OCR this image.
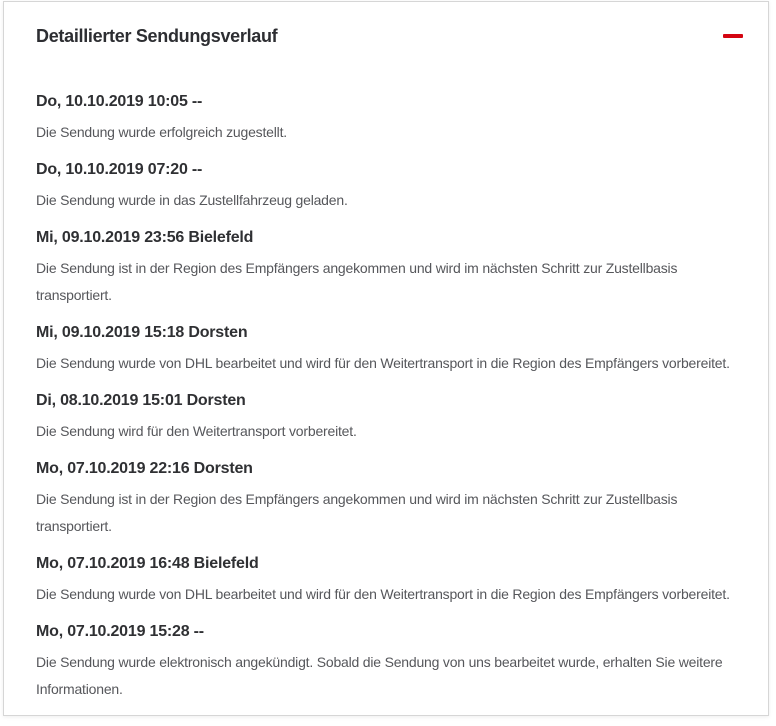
Detaillierter Sendungsverlauf
Do, 10.10.2019 10:05 --

Die Sendung wurde erfolgreich zugestellt.

Do, 10.10.2019 07:20 --

Die Sendung wurde in das Zustellfahrzeug geladen.

Mi, 09.10.2019 23:56 Bielefeld

Die Sendung ist in der Region des Empfängers angekommen und wird im nächsten Schritt zur Zustellbasis transportiert.

Mi, 09.10.2019 15:18 Dorsten

Die Sendung wurde von DHL bearbeitet und wird für den Weitertransport in die Region des Empfängers vorbereitet.

Di, 08.10.2019 15:01 Dorsten

Die Sendung wird für den Weitertransport vorbereitet.

Mo, 07.10.2019 22:16 Dorsten

Die Sendung ist in der Region des Empfängers angekommen und wird im nächsten Schritt zur Zustellbasis transportiert.

Mo, 07.10.2019 16:48 Bielefeld

Die Sendung wurde von DHL bearbeitet und wird für den Weitertransport in die Region des Empfängers vorbereitet.

Mo, 07.10.2019 15:28 --

Die Sendung wurde elektronisch angekündigt. Sobald die Sendung von uns bearbeitet wurde, erhalten Sie weitere Informationen.
